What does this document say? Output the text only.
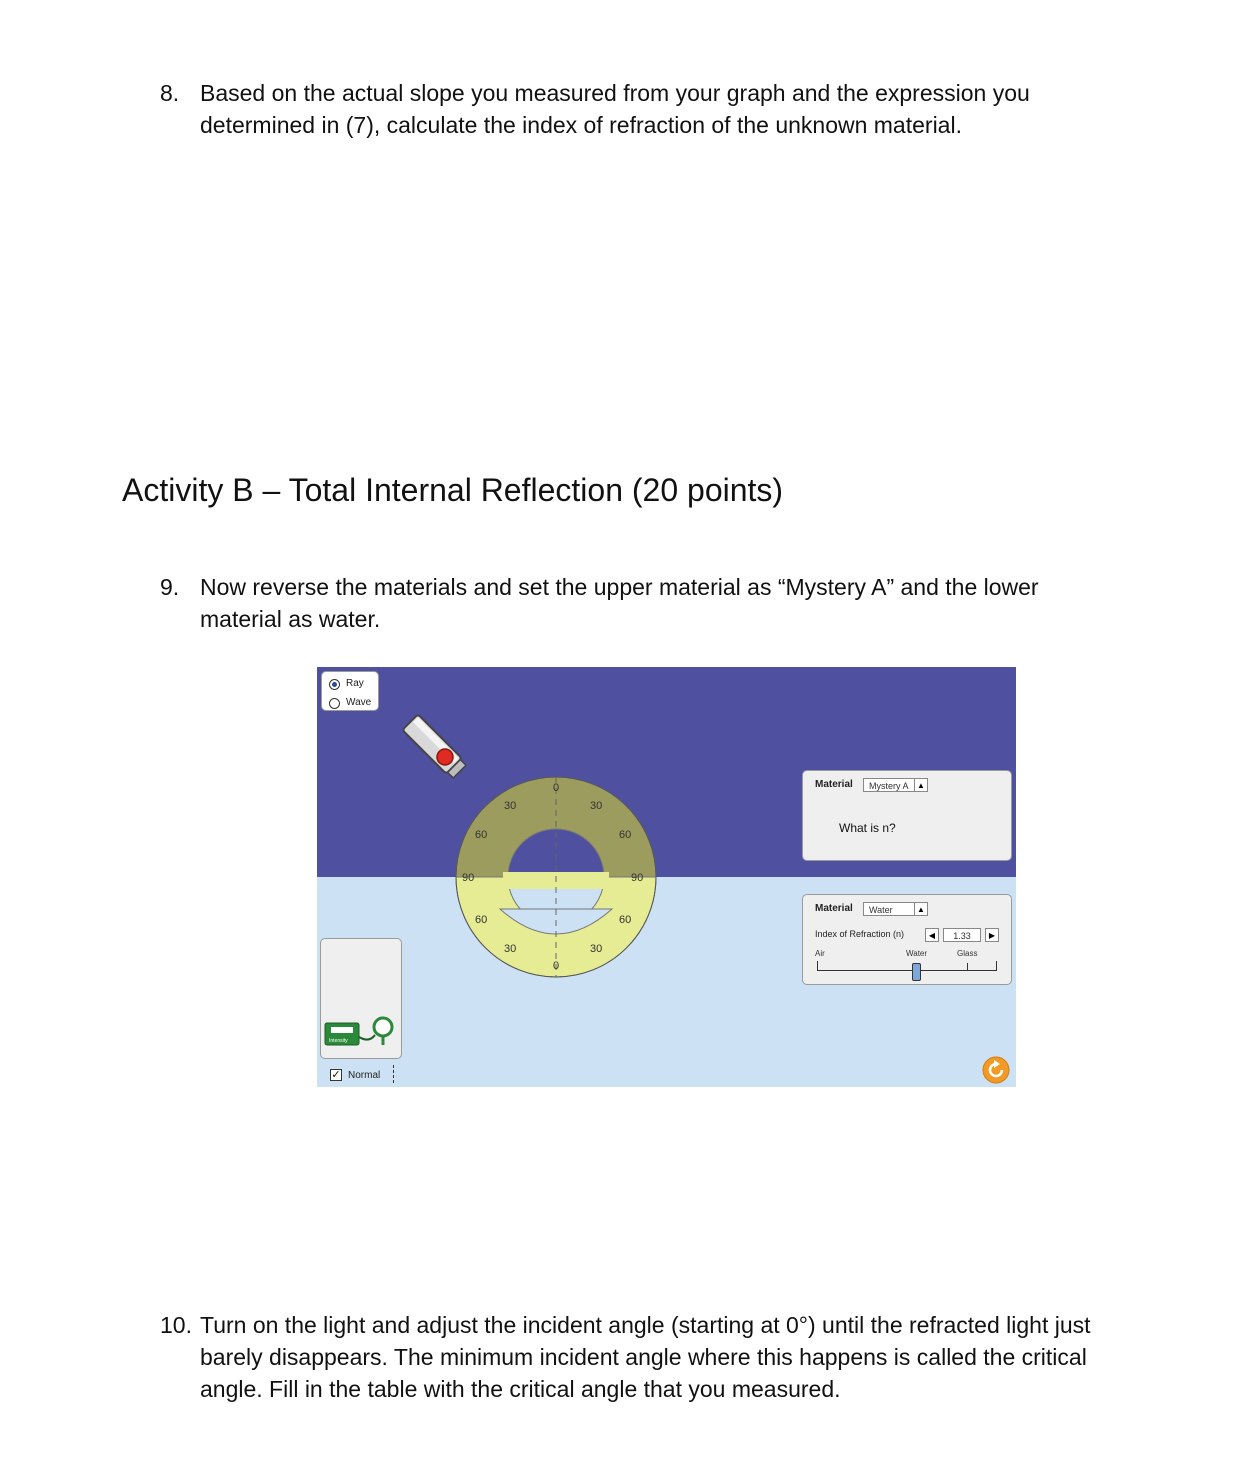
8. Based on the actual slope you measured from your graph and the expression you
determined in (7), calculate the index of refraction of the unknown material.
Activity B – Total Internal Reflection (20 points)
9. Now reverse the materials and set the upper material as “Mystery A” and the lower
material as water.
Ray
Wave
0
30	30
60	60
90	90
60	60
30	30
0
Material	Mystery A	▲
What is n?
Material	Water	▲
Index of Refraction (n)	◀	1.33	▶
Air	Water	Glass
Intensity
✓ Normal
10. Turn on the light and adjust the incident angle (starting at 0°) until the refracted light just
barely disappears. The minimum incident angle where this happens is called the critical
angle. Fill in the table with the critical angle that you measured.
